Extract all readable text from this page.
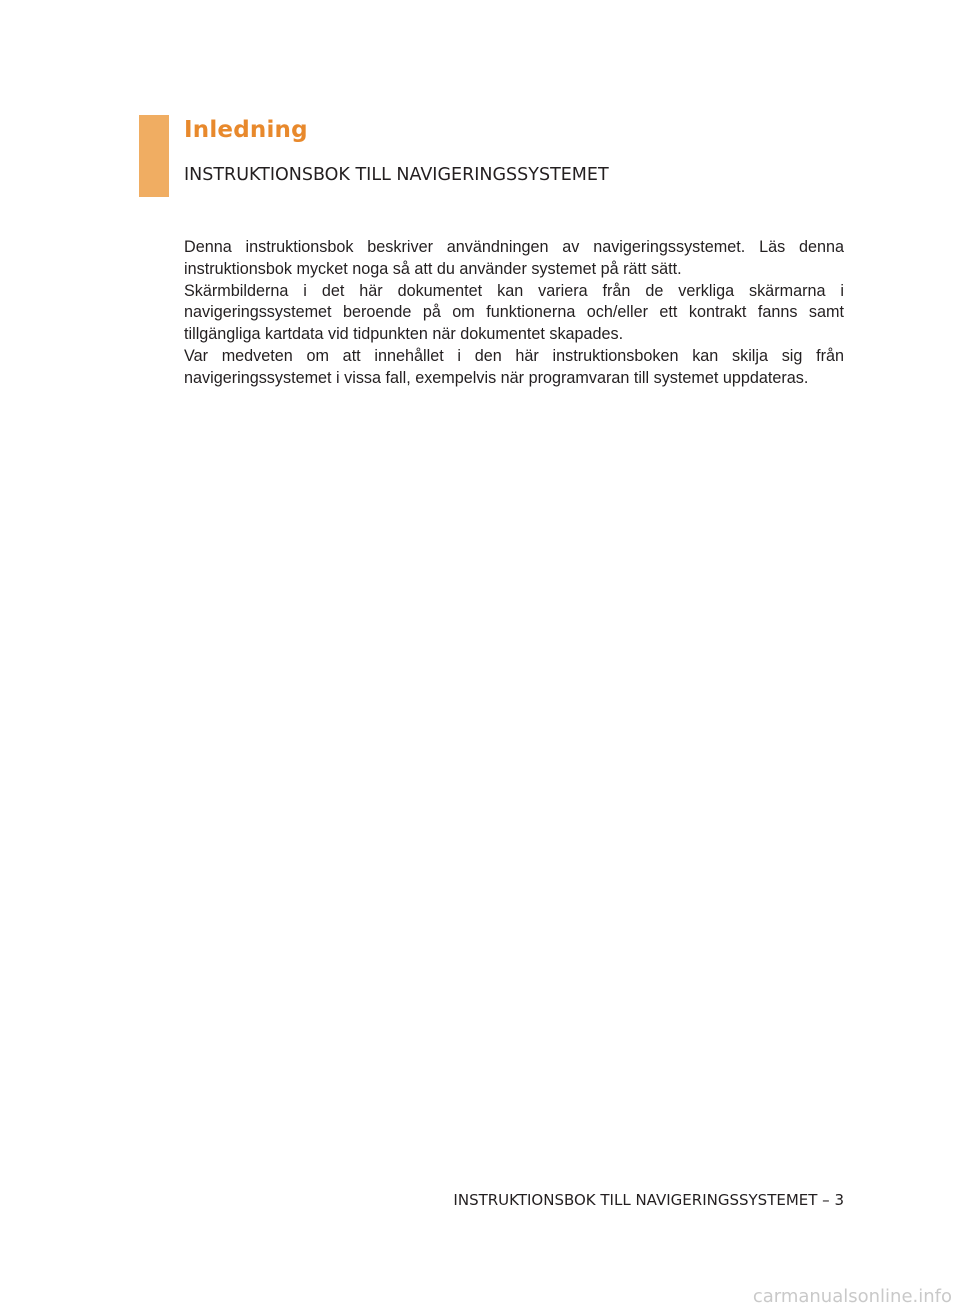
Inledning
INSTRUKTIONSBOK TILL NAVIGERINGSSYSTEMET

Denna instruktionsbok beskriver användningen av navigeringssystemet. Läs denna instruktionsbok mycket noga så att du använder systemet på rätt sätt.

Skärmbilderna i det här dokumentet kan variera från de verkliga skärmarna i navigeringssystemet beroende på om funktionerna och/eller ett kontrakt fanns samt tillgängliga kartdata vid tidpunkten när dokumentet skapades.

Var medveten om att innehållet i den här instruktionsboken kan skilja sig från navigeringssystemet i vissa fall, exempelvis när programvaran till systemet uppdateras.

INSTRUKTIONSBOK TILL NAVIGERINGSSYSTEMET – 3
carmanualsonline.info
